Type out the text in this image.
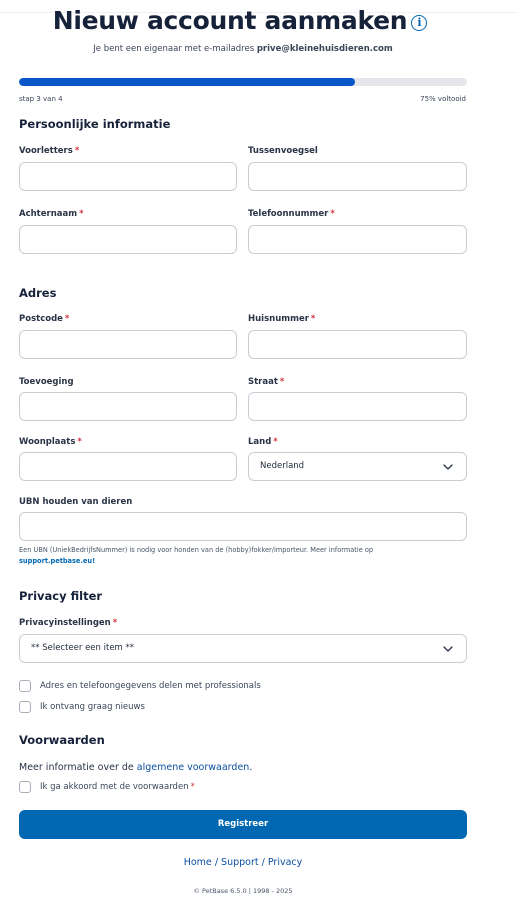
Nieuw account aanmaken i
Je bent een eigenaar met e-mailadres prive@kleinehuisdieren.com
stap 3 van 4	75% voltooid
Persoonlijke informatie
Voorletters *	Tussenvoegsel
Achternaam *	Telefoonnummer *
Adres
Postcode *	Huisnummer *
Toevoeging	Straat *
Woonplaats *	Land *
Nederland
UBN houden van dieren
Een UBN (UniekBedrijfsNummer) is nodig voor honden van de (hobby)fokker/importeur. Meer informatie op
support.petbase.eu!
Privacy filter
Privacyinstellingen *
** Selecteer een item **
Adres en telefoongegevens delen met professionals
Ik ontvang graag nieuws
Voorwaarden
Meer informatie over de algemene voorwaarden.
Ik ga akkoord met de voorwaarden *
Registreer
Home / Support / Privacy
© PetBase 6.5.0 | 1998 - 2025
